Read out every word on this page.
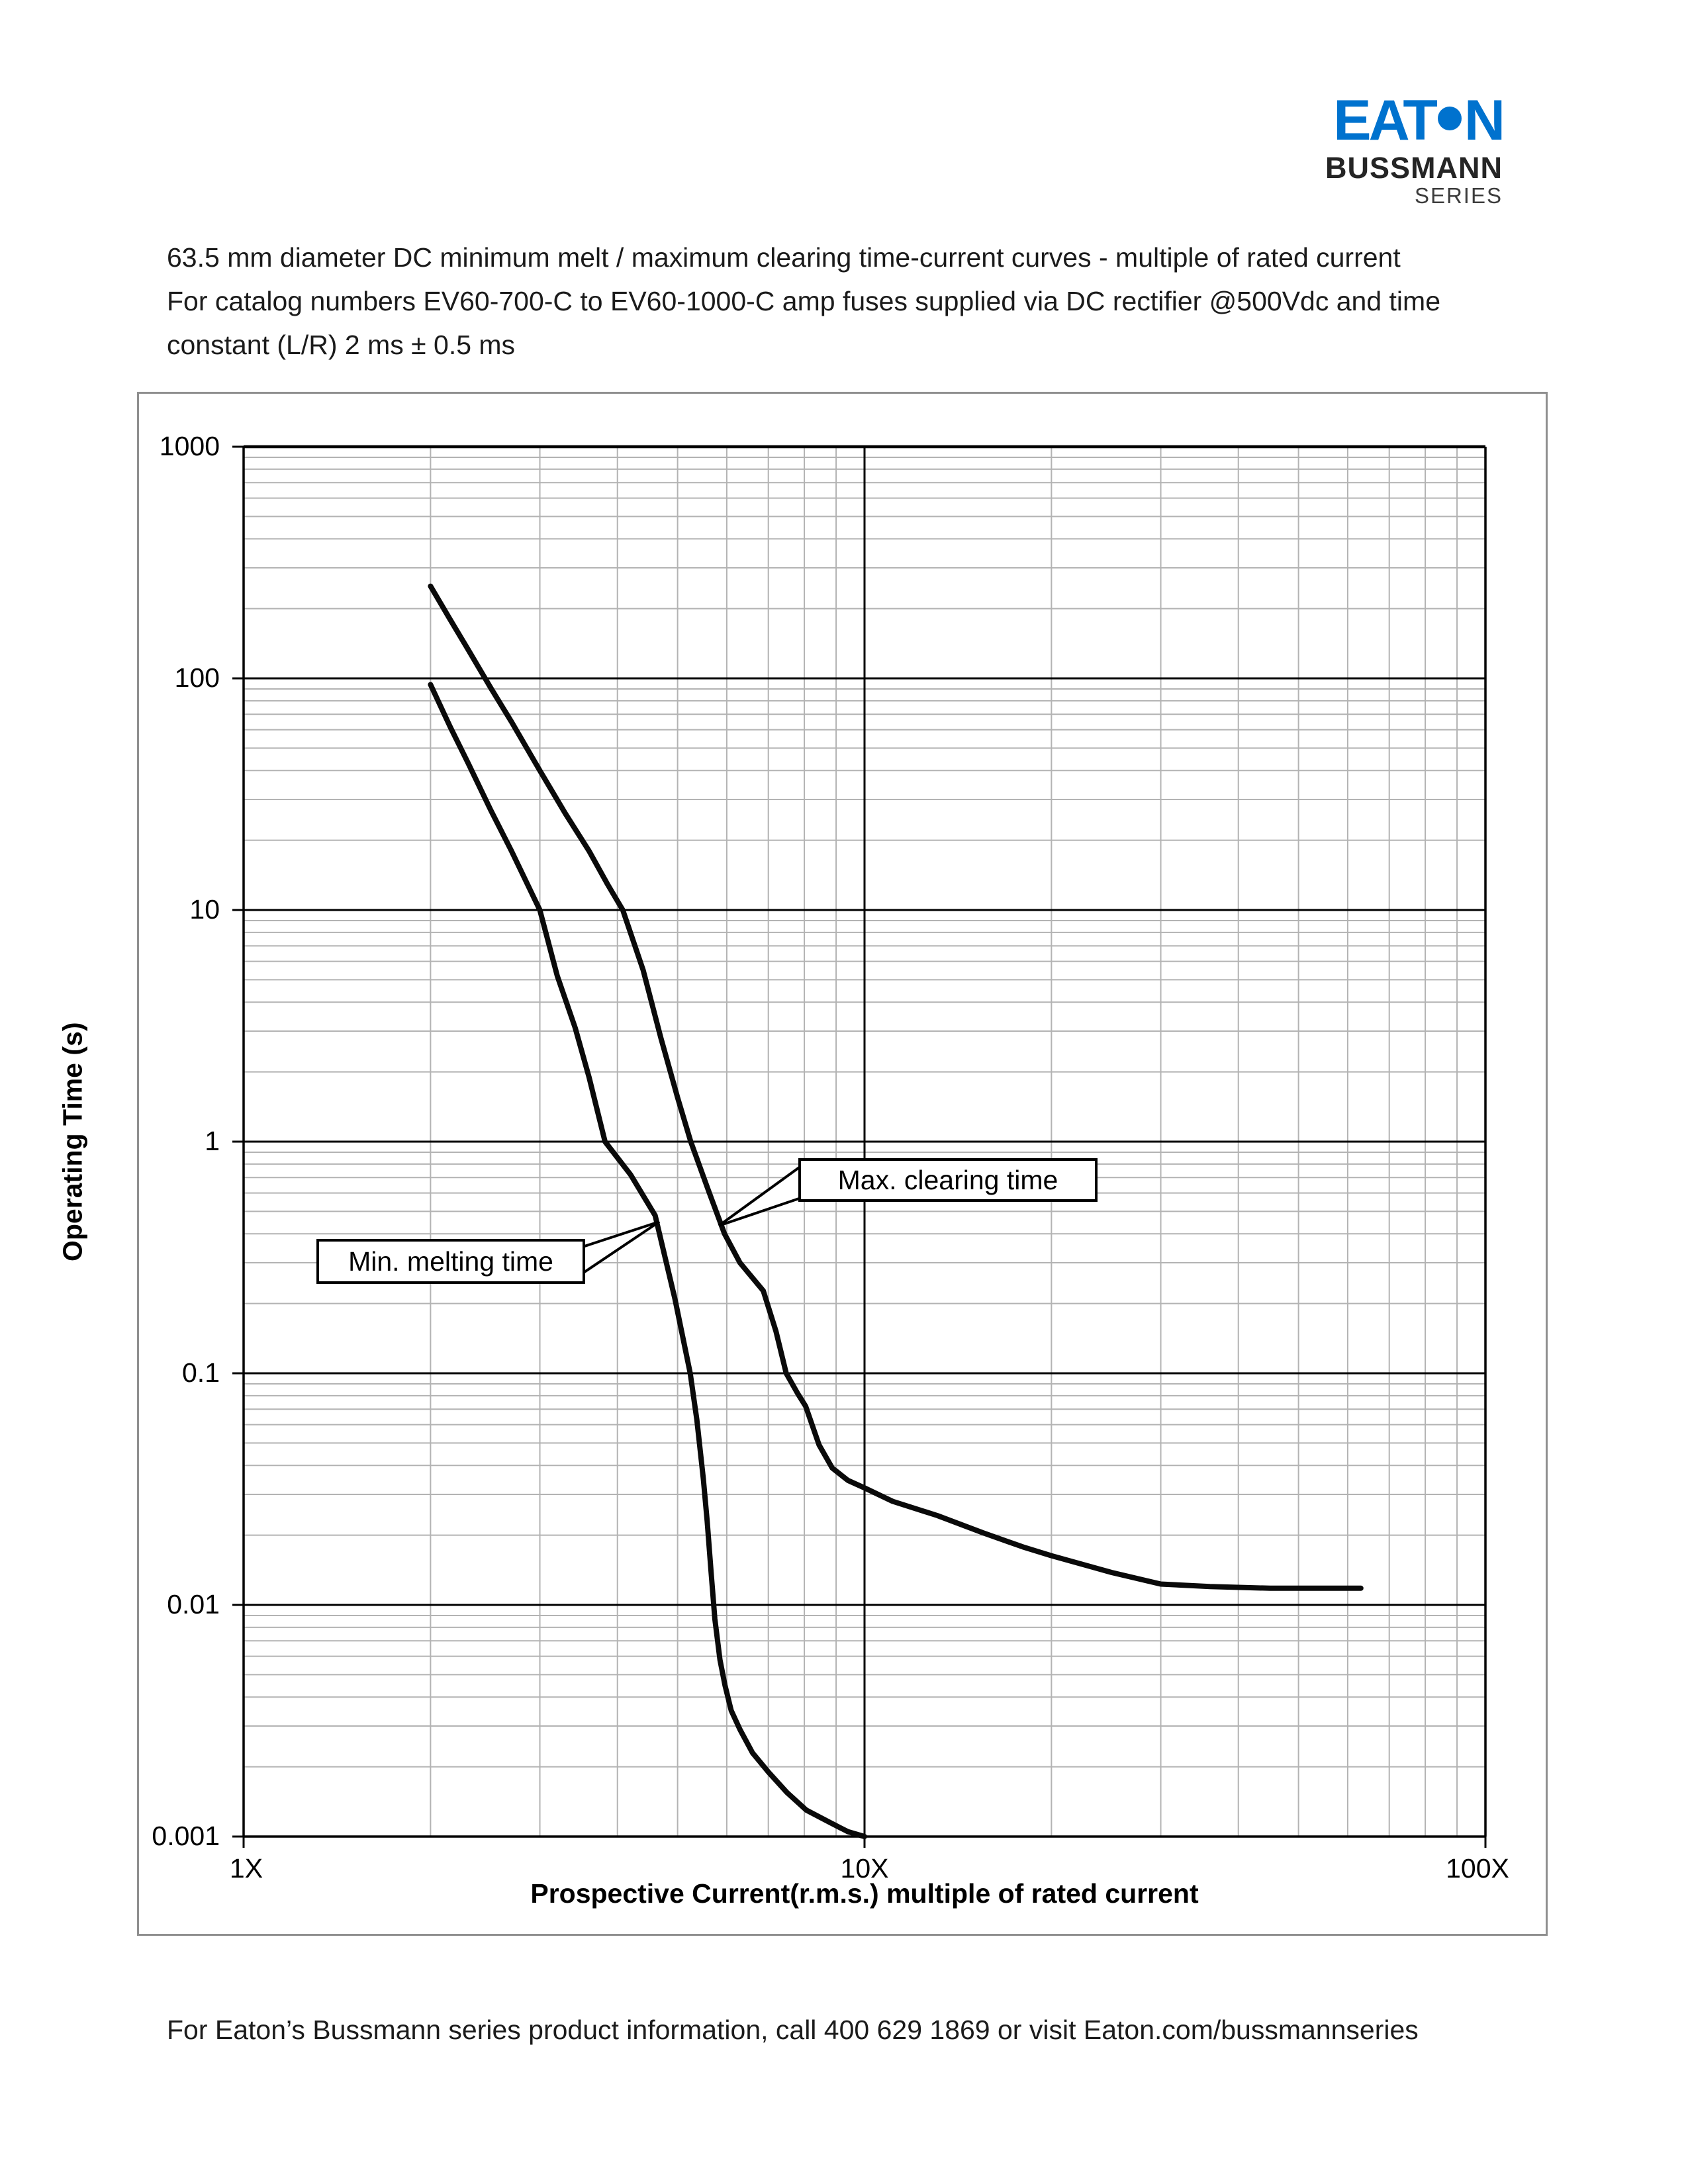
EAT N
BUSSMANN
SERIES
63.5 mm diameter DC minimum melt / maximum clearing time-current curves - multiple of rated current
For catalog numbers EV60-700-C to EV60-1000-C amp fuses supplied via DC rectifier @500Vdc and time
constant (L/R) 2 ms ± 0.5 ms
1000
100
10
1
0.1
0.01
0.001
1X	10X	100X
Operating Time (s)
Prospective Current(r.m.s.) multiple of rated current
Max. clearing time
Min. melting time
For Eaton’s Bussmann series product information, call 400 629 1869 or visit Eaton.com/bussmannseries
